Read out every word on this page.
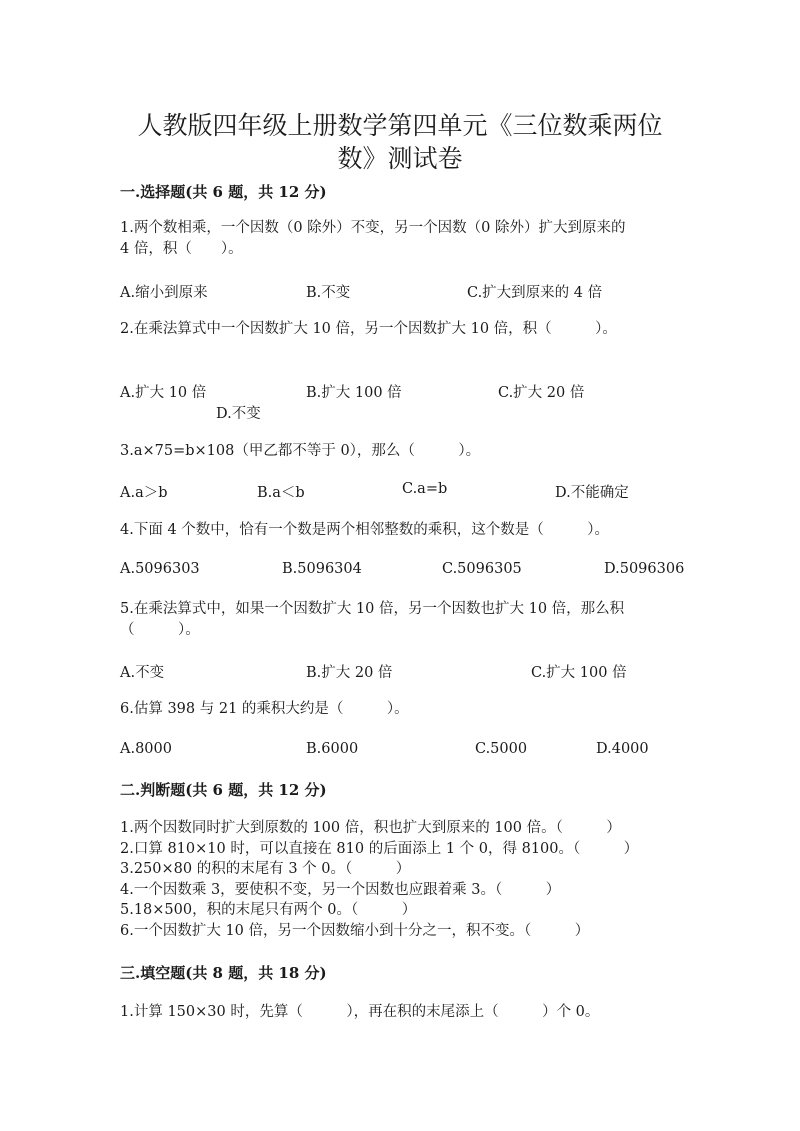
人教版四年级上册数学第四单元《三位数乘两位
数》测试卷
一.选择题(共 6 题，共 12 分)
1.两个数相乘，一个因数（0 除外）不变，另一个因数（0 除外）扩大到原来的
4 倍，积（　　）。
A.缩小到原来	B.不变	C.扩大到原来的 4 倍
2.在乘法算式中一个因数扩大 10 倍，另一个因数扩大 10 倍，积（　　　）。
A.扩大 10 倍	B.扩大 100 倍	C.扩大 20 倍
D.不变
3.a×75=b×108（甲乙都不等于 0），那么（　　　）。
A.a＞b	B.a＜b	C.a=b	D.不能确定
4.下面 4 个数中，恰有一个数是两个相邻整数的乘积，这个数是（　　　）。
A.5096303	B.5096304	C.5096305	D.5096306
5.在乘法算式中，如果一个因数扩大 10 倍，另一个因数也扩大 10 倍，那么积
（　　　）。
A.不变	B.扩大 20 倍	C.扩大 100 倍
6.估算 398 与 21 的乘积大约是（　　　）。
A.8000	B.6000	C.5000	D.4000
二.判断题(共 6 题，共 12 分)
1.两个因数同时扩大到原数的 100 倍，积也扩大到原来的 100 倍。（　　　）
2.口算 810×10 时，可以直接在 810 的后面添上 1 个 0，得 8100。（　　　）
3.250×80 的积的末尾有 3 个 0。（　　　）
4.一个因数乘 3，要使积不变，另一个因数也应跟着乘 3。（　　　）
5.18×500，积的末尾只有两个 0。（　　　）
6.一个因数扩大 10 倍，另一个因数缩小到十分之一，积不变。（　　　）
三.填空题(共 8 题，共 18 分)
1.计算 150×30 时，先算（　　　），再在积的末尾添上（　　　）个 0。
